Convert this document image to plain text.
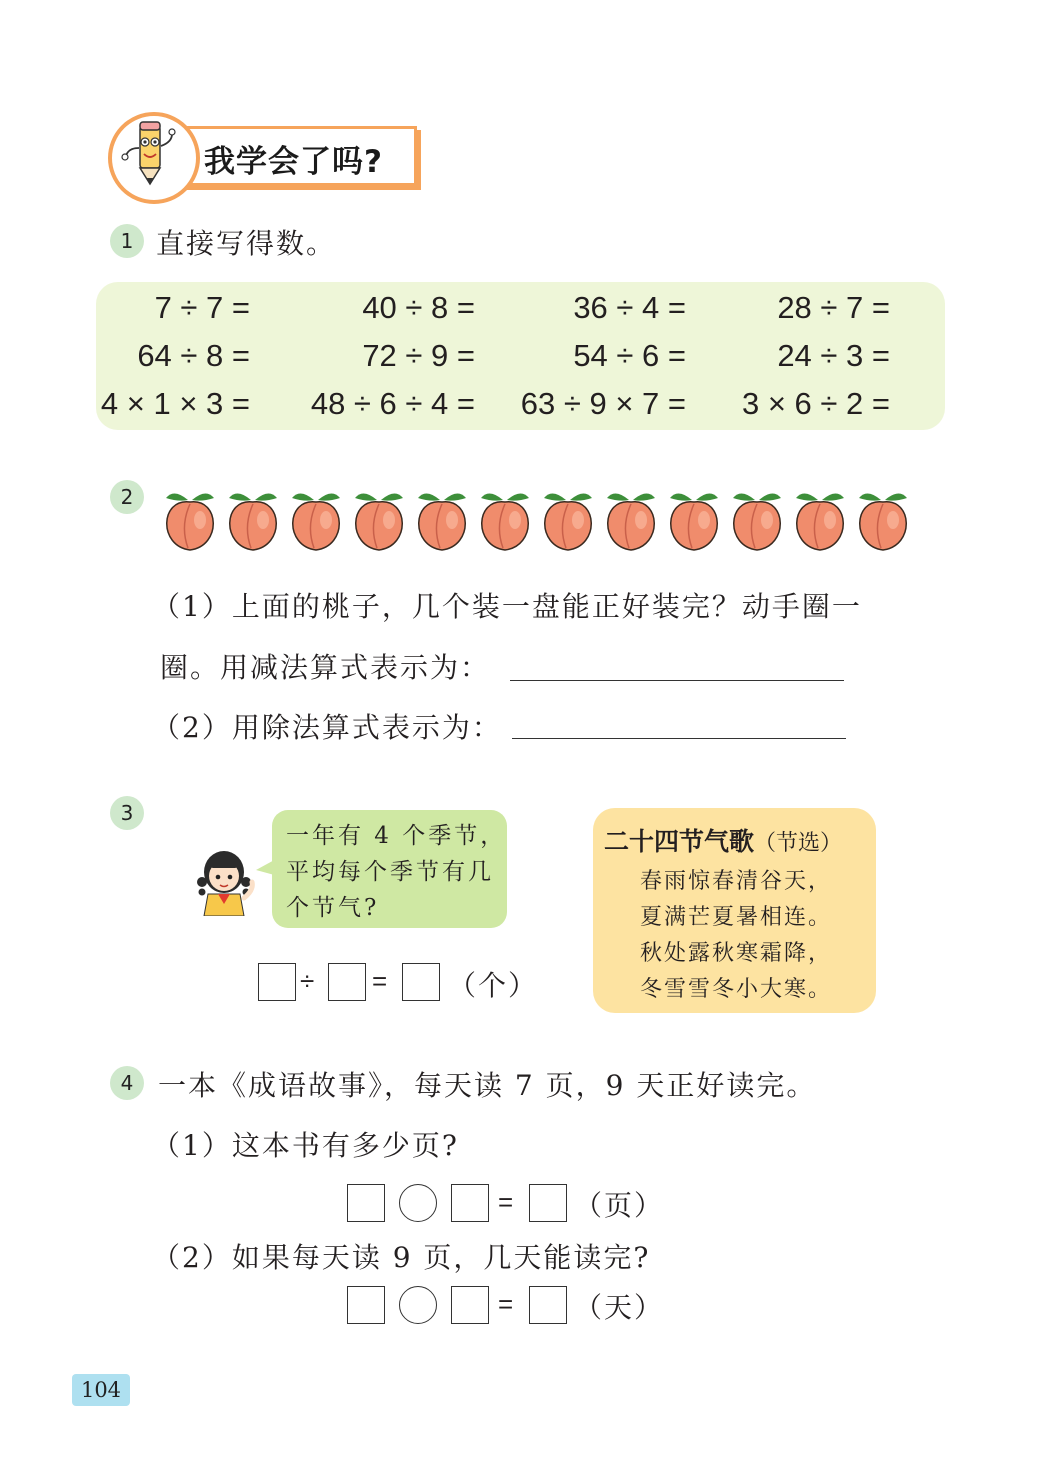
我学会了吗?
1 直接写得数。
7 ÷ 7 =	40 ÷ 8 =	36 ÷ 4 =	28 ÷ 7 =
64 ÷ 8 =	72 ÷ 9 =	54 ÷ 6 =	24 ÷ 3 =
4 × 1 × 3 =	48 ÷ 6 ÷ 4 =	63 ÷ 9 × 7 =	3 × 6 ÷ 2 =
2
（1）上面的桃子，几个装一盘能正好装完？动手圈一
圈。用减法算式表示为：
（2）用除法算式表示为：
3
一年有 4 个季节，
平均每个季节有几
个节气?
÷ = （个）
二十四节气歌（节选）
春雨惊春清谷天，
夏满芒夏暑相连。
秋处露秋寒霜降，
冬雪雪冬小大寒。
4 一本《成语故事》，每天读 7 页，9 天正好读完。
（1）这本书有多少页?
= （页）
（2）如果每天读 9 页，几天能读完?
= （天）
104
